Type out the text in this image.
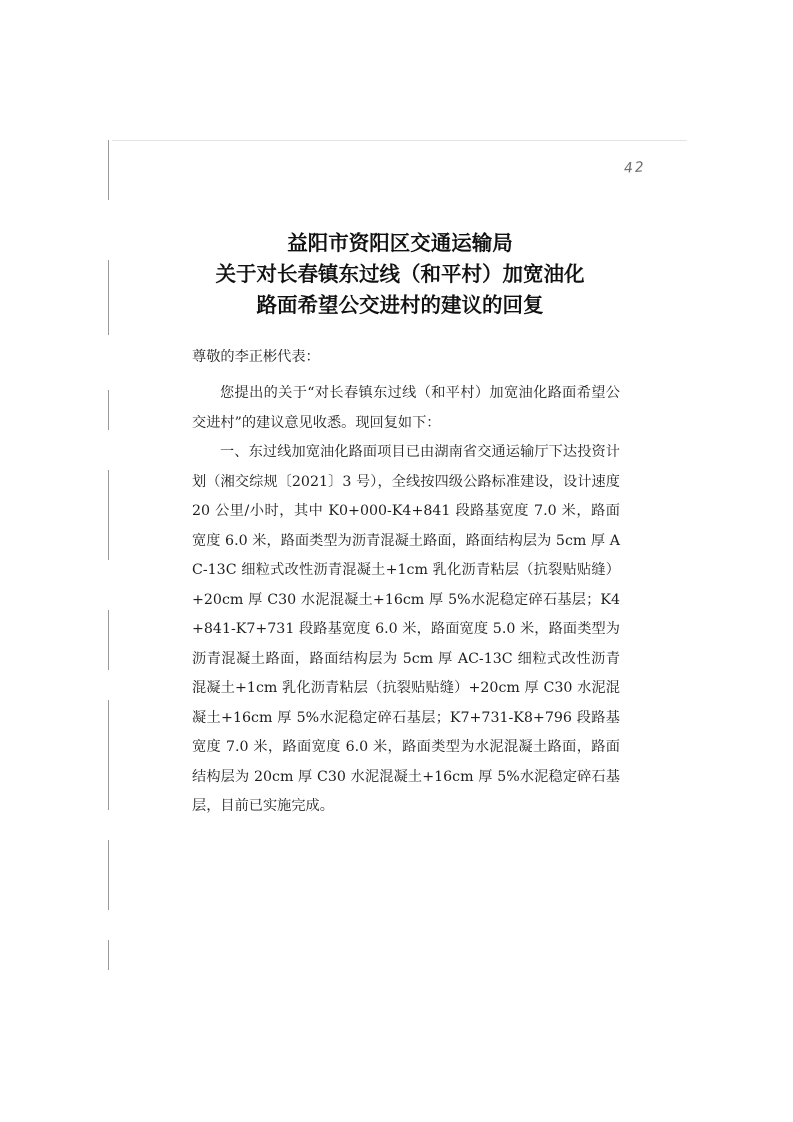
42
益阳市资阳区交通运输局
关于对长春镇东过线（和平村）加宽油化
路面希望公交进村的建议的回复
尊敬的李正彬代表：

您提出的关于“对长春镇东过线（和平村）加宽油化路面希望公交进村”的建议意见收悉。现回复如下：

一、东过线加宽油化路面项目已由湖南省交通运输厅下达投资计划（湘交综规〔2021〕3 号），全线按四级公路标准建设，设计速度 20 公里/小时，其中 K0+000-K4+841 段路基宽度 7.0 米，路面宽度 6.0 米，路面类型为沥青混凝土路面，路面结构层为 5cm 厚 AC-13C 细粒式改性沥青混凝土+1cm 乳化沥青粘层（抗裂贴贴缝）+20cm 厚 C30 水泥混凝土+16cm 厚 5%水泥稳定碎石基层；K4+841-K7+731 段路基宽度 6.0 米，路面宽度 5.0 米，路面类型为沥青混凝土路面，路面结构层为 5cm 厚 AC-13C 细粒式改性沥青混凝土+1cm 乳化沥青粘层（抗裂贴贴缝）+20cm 厚 C30 水泥混凝土+16cm 厚 5%水泥稳定碎石基层；K7+731-K8+796 段路基宽度 7.0 米，路面宽度 6.0 米，路面类型为水泥混凝土路面，路面结构层为 20cm 厚 C30 水泥混凝土+16cm 厚 5%水泥稳定碎石基层，目前已实施完成。
